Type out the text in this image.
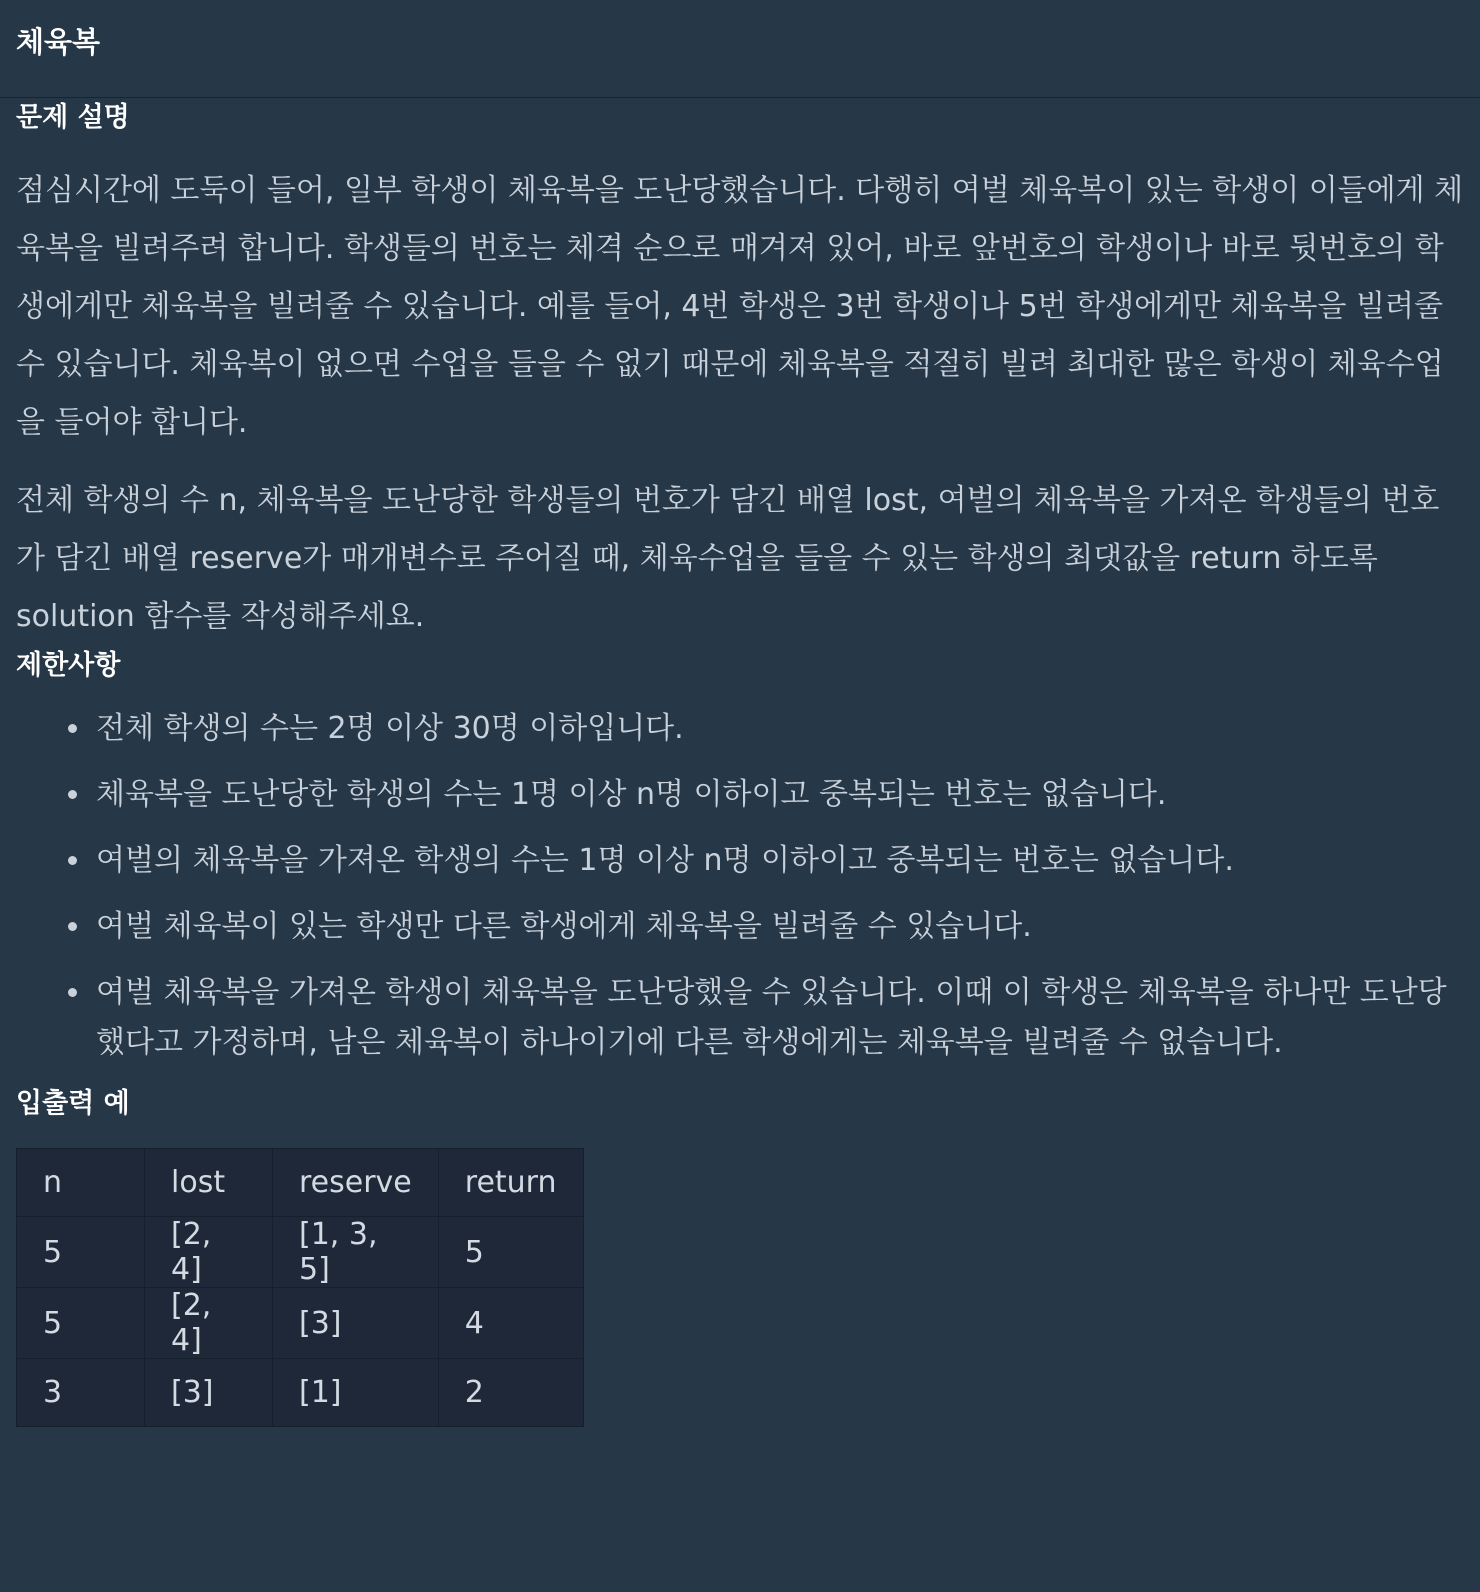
체육복
문제 설명
점심시간에 도둑이 들어, 일부 학생이 체육복을 도난당했습니다. 다행히 여벌 체육복이 있는 학생이 이들에게 체
육복을 빌려주려 합니다. 학생들의 번호는 체격 순으로 매겨져 있어, 바로 앞번호의 학생이나 바로 뒷번호의 학
생에게만 체육복을 빌려줄 수 있습니다. 예를 들어, 4번 학생은 3번 학생이나 5번 학생에게만 체육복을 빌려줄
수 있습니다. 체육복이 없으면 수업을 들을 수 없기 때문에 체육복을 적절히 빌려 최대한 많은 학생이 체육수업
을 들어야 합니다.
전체 학생의 수 n, 체육복을 도난당한 학생들의 번호가 담긴 배열 lost, 여벌의 체육복을 가져온 학생들의 번호
가 담긴 배열 reserve가 매개변수로 주어질 때, 체육수업을 들을 수 있는 학생의 최댓값을 return 하도록
solution 함수를 작성해주세요.
제한사항
전체 학생의 수는 2명 이상 30명 이하입니다.
체육복을 도난당한 학생의 수는 1명 이상 n명 이하이고 중복되는 번호는 없습니다.
여벌의 체육복을 가져온 학생의 수는 1명 이상 n명 이하이고 중복되는 번호는 없습니다.
여벌 체육복이 있는 학생만 다른 학생에게 체육복을 빌려줄 수 있습니다.
여벌 체육복을 가져온 학생이 체육복을 도난당했을 수 있습니다. 이때 이 학생은 체육복을 하나만 도난당
했다고 가정하며, 남은 체육복이 하나이기에 다른 학생에게는 체육복을 빌려줄 수 없습니다.
입출력 예
n	lost	reserve	return
5	[2, 4]	[1, 3, 5]	5
5	[2, 4]	[3]	4
3	[3]	[1]	2
